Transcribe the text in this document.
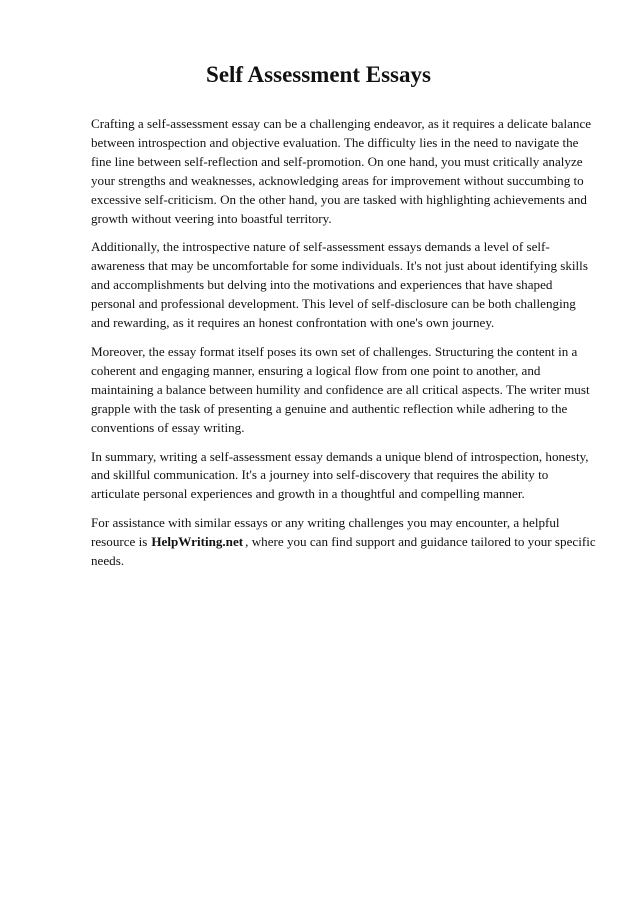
Self Assessment Essays

Crafting a self-assessment essay can be a challenging endeavor, as it requires a delicate balance between introspection and objective evaluation. The difficulty lies in the need to navigate the fine line between self-reflection and self-promotion. On one hand, you must critically analyze your strengths and weaknesses, acknowledging areas for improvement without succumbing to excessive self-criticism. On the other hand, you are tasked with highlighting achievements and growth without veering into boastful territory.

Additionally, the introspective nature of self-assessment essays demands a level of self-awareness that may be uncomfortable for some individuals. It's not just about identifying skills and accomplishments but delving into the motivations and experiences that have shaped personal and professional development. This level of self-disclosure can be both challenging and rewarding, as it requires an honest confrontation with one's own journey.

Moreover, the essay format itself poses its own set of challenges. Structuring the content in a coherent and engaging manner, ensuring a logical flow from one point to another, and maintaining a balance between humility and confidence are all critical aspects. The writer must grapple with the task of presenting a genuine and authentic reflection while adhering to the conventions of essay writing.

In summary, writing a self-assessment essay demands a unique blend of introspection, honesty, and skillful communication. It's a journey into self-discovery that requires the ability to articulate personal experiences and growth in a thoughtful and compelling manner.

For assistance with similar essays or any writing challenges you may encounter, a helpful resource is HelpWriting.net , where you can find support and guidance tailored to your specific needs.
